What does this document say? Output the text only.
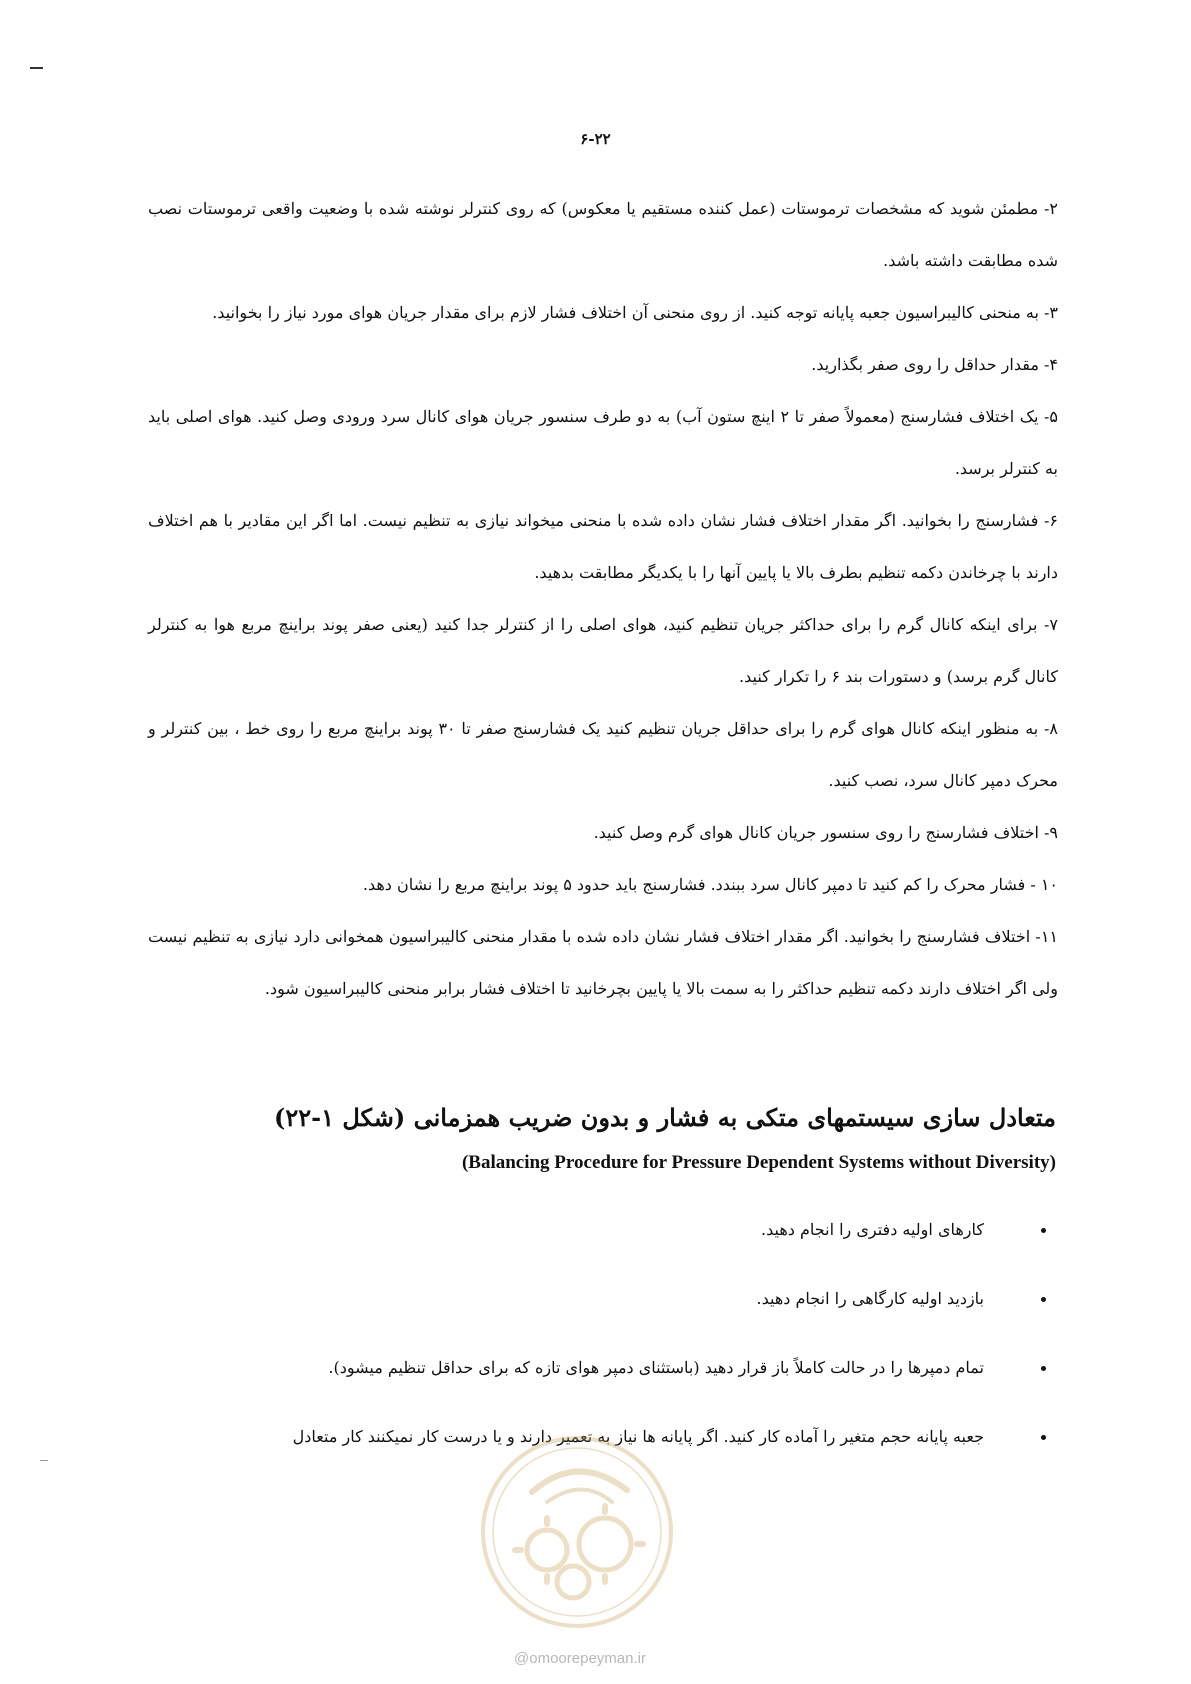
۶-۲۲

۲- مطمئن شوید که مشخصات ترموستات (عمل کننده مستقیم یا معکوس) که روی کنترلر نوشته شده با وضعیت واقعی ترموستات نصب شده مطابقت داشته باشد.

۳- به منحنی کالیبراسیون جعبه پایانه توجه کنید. از روی منحنی آن اختلاف فشار لازم برای مقدار جریان هوای مورد نیاز را بخوانید.

۴- مقدار حداقل را روی صفر بگذارید.

۵- یک اختلاف فشارسنج (معمولاً صفر تا ۲ اینچ ستون آب) به دو طرف سنسور جریان هوای کانال سرد ورودی وصل کنید. هوای اصلی باید به کنترلر برسد.

۶- فشارسنج را بخوانید. اگر مقدار اختلاف فشار نشان داده شده با منحنی میخواند نیازی به تنظیم نیست. اما اگر این مقادیر با هم اختلاف دارند با چرخاندن دکمه تنظیم بطرف بالا یا پایین آنها را با یکدیگر مطابقت بدهید.

۷- برای اینکه کانال گرم را برای حداکثر جریان تنظیم کنید، هوای اصلی را از کنترلر جدا کنید (یعنی صفر پوند براینچ مربع هوا به کنترلر کانال گرم برسد) و دستورات بند ۶ را تکرار کنید.

۸- به منظور اینکه کانال هوای گرم را برای حداقل جریان تنظیم کنید یک فشارسنج صفر تا ۳۰ پوند براینچ مربع را روی خط ، بین کنترلر و محرک دمپر کانال سرد، نصب کنید.

۹- اختلاف فشارسنج را روی سنسور جریان کانال هوای گرم وصل کنید.

۱۰ - فشار محرک را کم کنید تا دمپر کانال سرد ببندد. فشارسنج باید حدود ۵ پوند براینچ مربع را نشان دهد.

۱۱- اختلاف فشارسنج را بخوانید. اگر مقدار اختلاف فشار نشان داده شده با مقدار منحنی کالیبراسیون همخوانی دارد نیازی به تنظیم نیست ولی اگر اختلاف دارند دکمه تنظیم حداکثر را به سمت بالا یا پایین بچرخانید تا اختلاف فشار برابر منحنی کالیبراسیون شود.

متعادل سازی سیستمهای متکی به فشار و بدون ضریب همزمانی (شکل ۱-۲۲)
(Balancing Procedure for Pressure Dependent Systems without Diversity)
کارهای اولیه دفتری را انجام دهید.
بازدید اولیه کارگاهی را انجام دهید.
تمام دمپرها را در حالت کاملاً باز قرار دهید (باستثنای دمپر هوای تازه که برای حداقل تنظیم میشود).
جعبه پایانه حجم متغیر را آماده کار کنید. اگر پایانه ها نیاز به تعمیر دارند و یا درست کار نمیکنند کار متعادل
@omoorepeyman.ir
